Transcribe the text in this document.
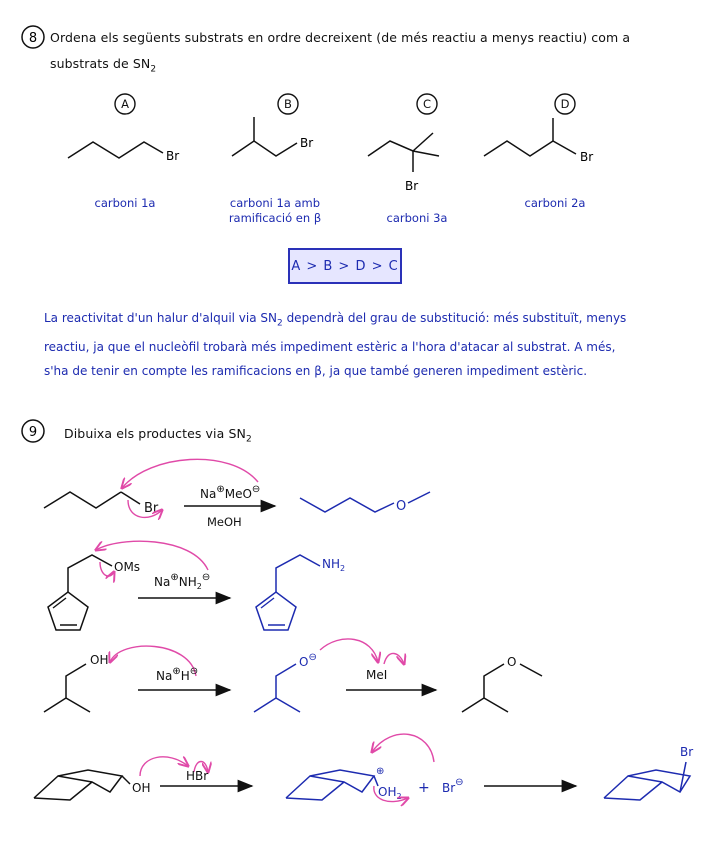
8 Ordena els següents substrats en ordre decreixent (de més reactiu a menys reactiu) com a
substrats de $SN_2$
A	B	C	D
Br
Br
Br
Br
carboni 1a	carboni 1a amb
ramificació en β	carboni 3a
carboni 2a
A > B > D > C
La reactivitat d'un halur d'alquil via $SN_2$ dependrà del grau de substitució: més substituït, menys
reactiu, ja que el nucleòfil trobarà més impediment estèric a l'hora d'atacar al substrat. A més,
s'ha de tenir en compte les ramificacions en β, ja que també generen impediment estèric.
9 Dibuixa els productes via $SN_2$
Br
Na⊕MeO⊖
MeOH
O
OMs
$Na^\oplus NH_2^⊖$
$NH_2$
OH
Na⊕H⊖
O⊖
MeI
O
OH
HBr	⊕
$OH_2$
+ Br⊖
Br
